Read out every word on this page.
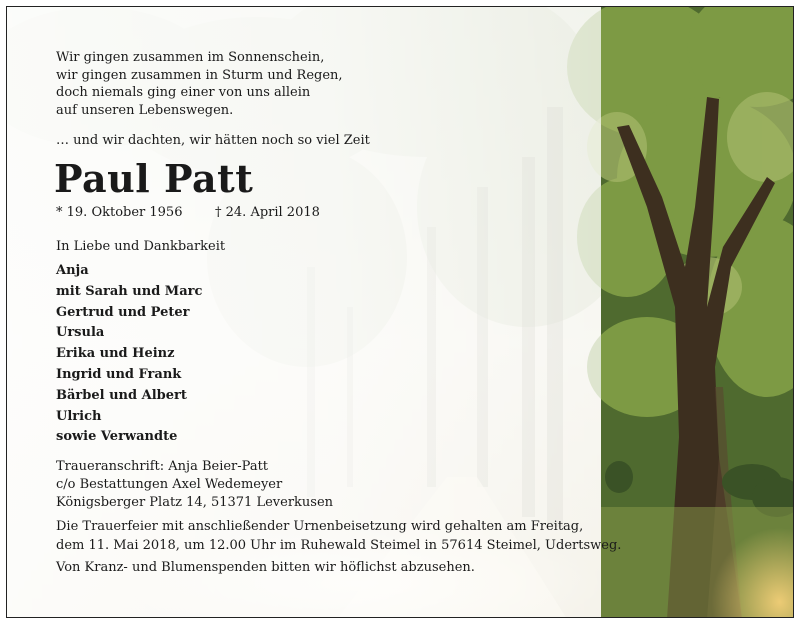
Wir gingen zusammen im Sonnenschein,
wir gingen zusammen in Sturm und Regen,
doch niemals ging einer von uns allein
auf unseren Lebenswegen.
… und wir dachten, wir hätten noch so viel Zeit
Paul Patt
* 19. Oktober 1956	† 24. April 2018
In Liebe und Dankbarkeit
Anja
mit Sarah und Marc
Gertrud und Peter
Ursula
Erika und Heinz
Ingrid und Frank
Bärbel und Albert
Ulrich
sowie Verwandte
Traueranschrift: Anja Beier-Patt
c/o Bestattungen Axel Wedemeyer
Königsberger Platz 14, 51371 Leverkusen
Die Trauerfeier mit anschließender Urnenbeisetzung wird gehalten am Freitag,
dem 11. Mai 2018, um 12.00 Uhr im Ruhewald Steimel in 57614 Steimel, Udertsweg.
Von Kranz- und Blumenspenden bitten wir höflichst abzusehen.
